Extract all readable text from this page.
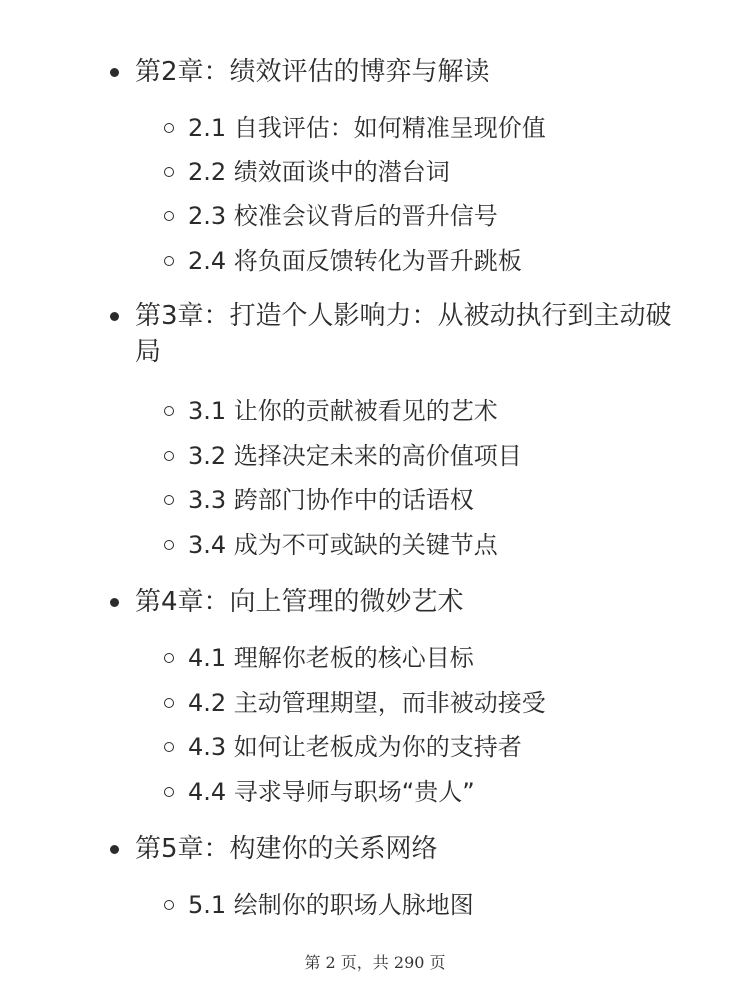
第2章：绩效评估的博弈与解读
2.1 自我评估：如何精准呈现价值
2.2 绩效面谈中的潜台词
2.3 校准会议背后的晋升信号
2.4 将负面反馈转化为晋升跳板
第3章：打造个人影响力：从被动执行到主动破局
3.1 让你的贡献被看见的艺术
3.2 选择决定未来的高价值项目
3.3 跨部门协作中的话语权
3.4 成为不可或缺的关键节点
第4章：向上管理的微妙艺术
4.1 理解你老板的核心目标
4.2 主动管理期望，而非被动接受
4.3 如何让老板成为你的支持者
4.4 寻求导师与职场“贵人”
第5章：构建你的关系网络
5.1 绘制你的职场人脉地图
第 2 页，共 290 页
